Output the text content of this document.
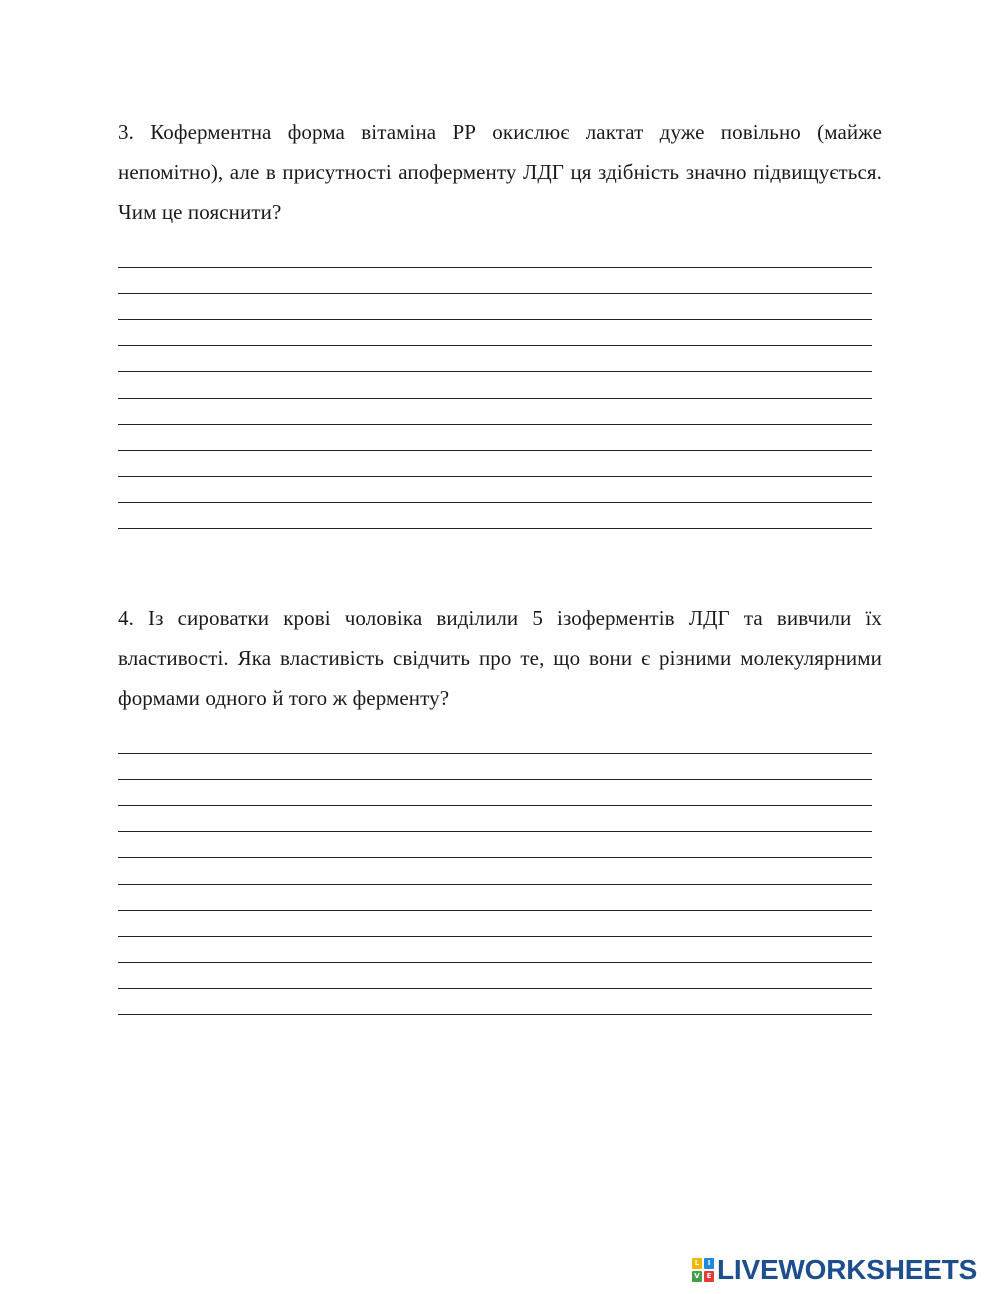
3. Коферментна форма вітаміна РР окислює лактат дуже повільно (майже непомітно), але в присутності апоферменту ЛДГ ця здібність значно підвищується. Чим це пояснити?
4. Із сироватки крові чоловіка виділили 5 ізоферментів ЛДГ та вивчили їх властивості. Яка властивість свідчить про те, що вони є різними молекулярними формами одного й того ж ферменту?
L	I
V E LIVEWORKSHEETS
